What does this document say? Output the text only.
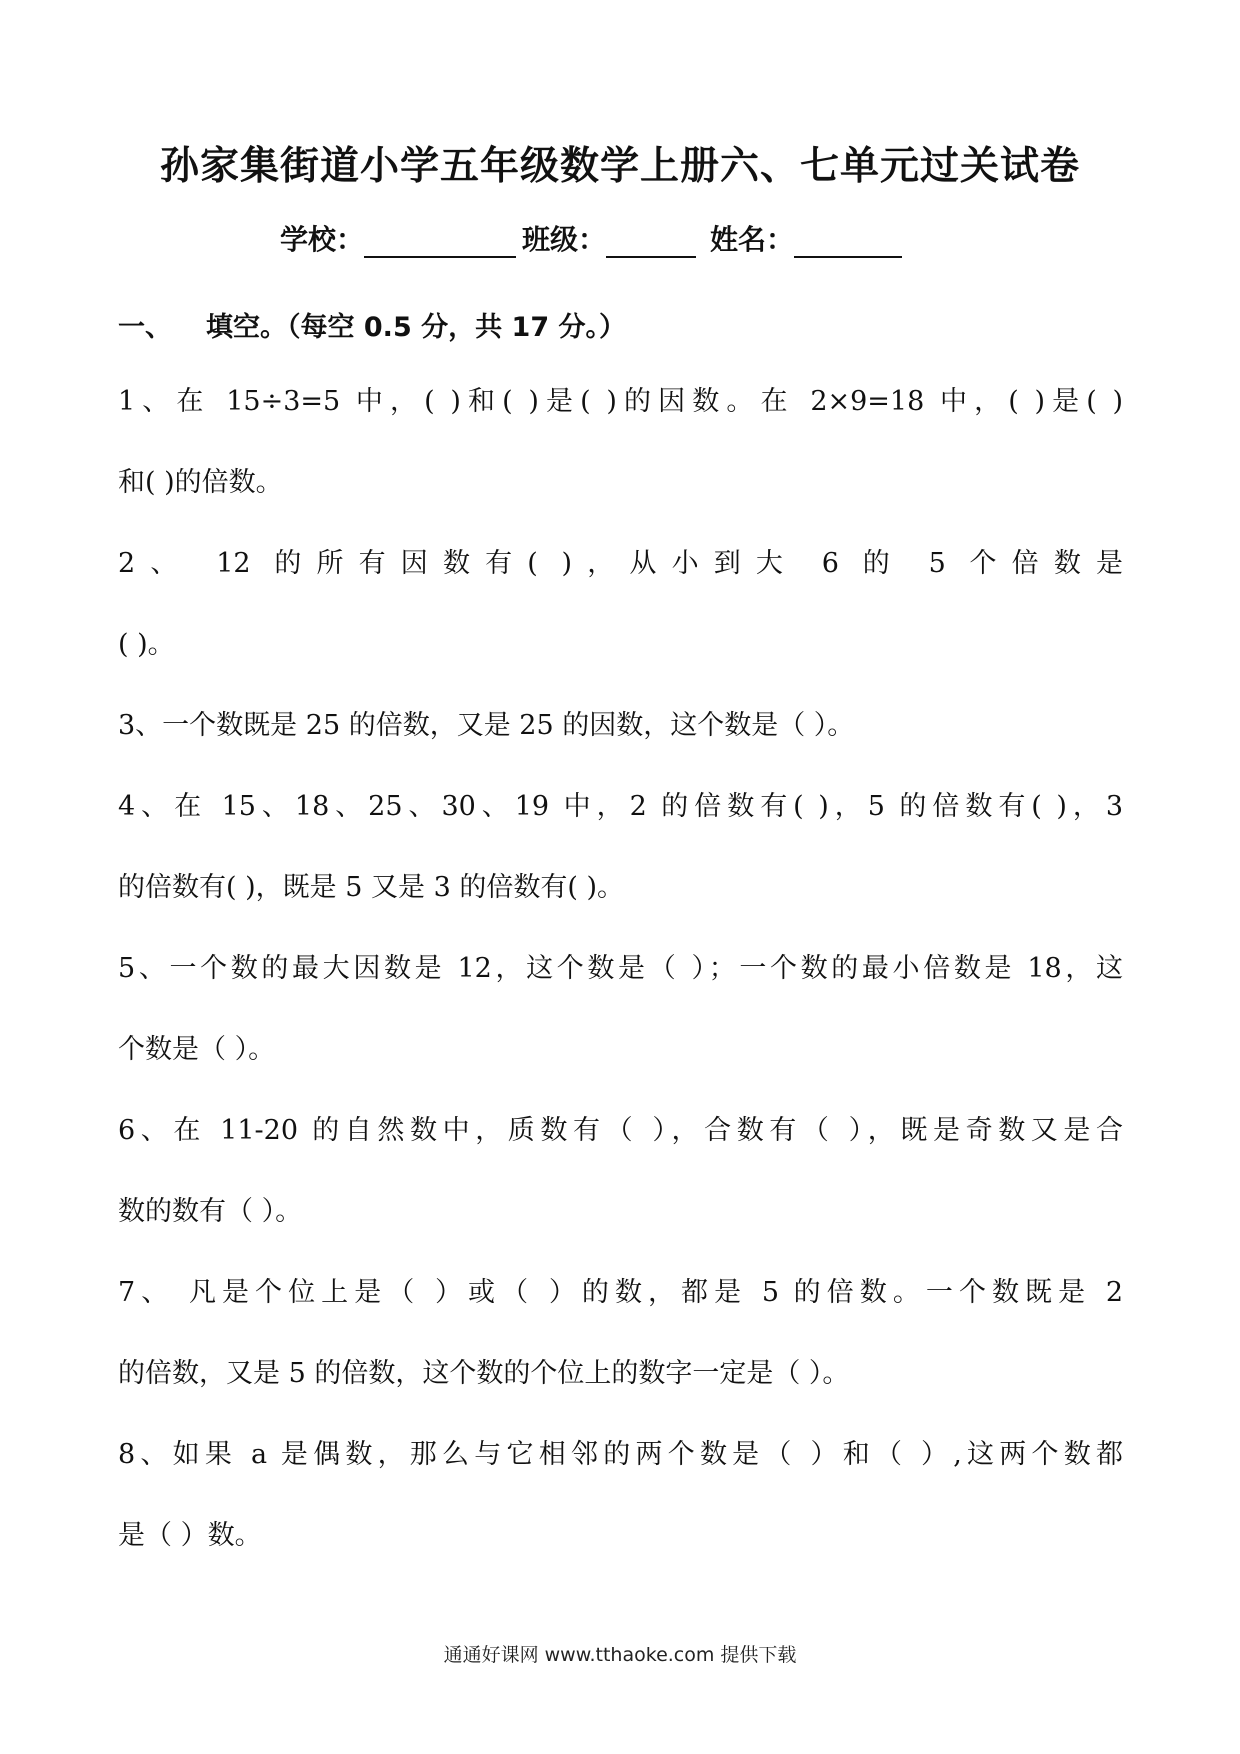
孙家集街道小学五年级数学上册六、七单元过关试卷
学校：	班级：	姓名：
一、 填空。（每空 0.5 分，共 17 分。）
1、在 15÷3=5 中，( )和( )是( )的因数。在 2×9=18 中，( )是( )
和( )的倍数。
2、 12 的所有因数有( )，从小到大 6 的 5 个倍数是
( )。
3、一个数既是 25 的倍数，又是 25 的因数，这个数是（ ）。
4、在 15、18、25、30、19 中，2 的倍数有( )，5 的倍数有( )，3
的倍数有( )，既是 5 又是 3 的倍数有( )。
5、一个数的最大因数是 12，这个数是（ ）；一个数的最小倍数是 18，这
个数是（ ）。
6、在 11-20 的自然数中，质数有（ ），合数有（ ），既是奇数又是合
数的数有（ ）。
7、 凡是个位上是（ ）或（ ）的数，都是 5 的倍数。一个数既是 2
的倍数，又是 5 的倍数，这个数的个位上的数字一定是（ ）。
8、如果 a 是偶数，那么与它相邻的两个数是（ ）和（ ）,这两个数都
是（ ）数。
通通好课网 www.tthaoke.com 提供下载
